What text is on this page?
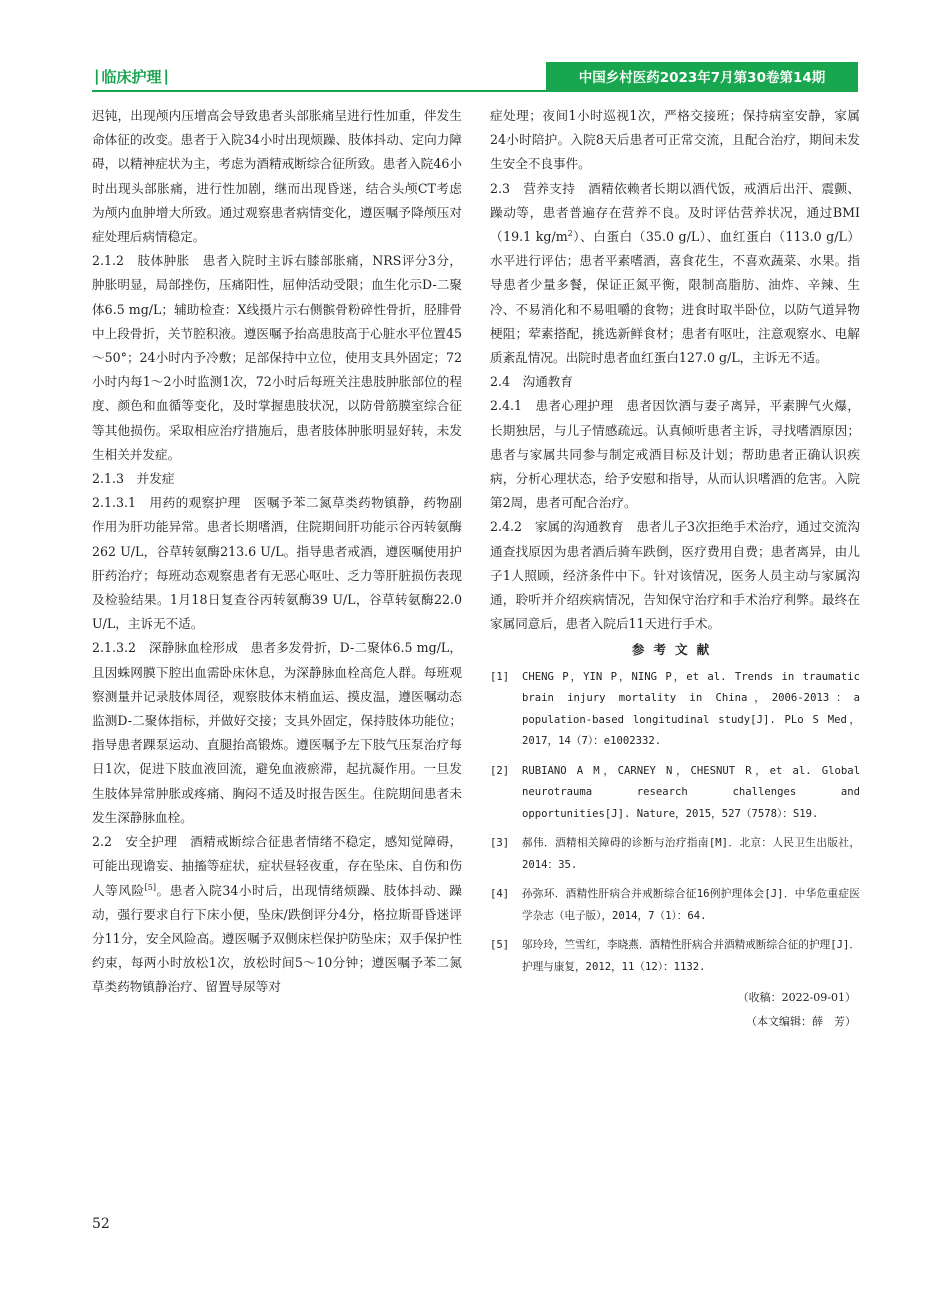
| 临床护理 |	中国乡村医药2023年7月第30卷第14期

迟钝，出现颅内压增高会导致患者头部胀痛呈进行性加重，伴发生命体征的改变。患者于入院34小时出现烦躁、肢体抖动、定向力障碍，以精神症状为主，考虑为酒精戒断综合征所致。患者入院46小时出现头部胀痛，进行性加剧，继而出现昏迷，结合头颅CT考虑为颅内血肿增大所致。通过观察患者病情变化，遵医嘱予降颅压对症处理后病情稳定。

2.1.2　肢体肿胀　患者入院时主诉右膝部胀痛，NRS评分3分，肿胀明显，局部挫伤，压痛阳性，屈伸活动受限；血生化示D-二聚体6.5 mg/L；辅助检查：X线摄片示右侧髌骨粉碎性骨折，胫腓骨中上段骨折，关节腔积液。遵医嘱予抬高患肢高于心脏水平位置45～50°；24小时内予冷敷；足部保持中立位，使用支具外固定；72小时内每1～2小时监测1次，72小时后每班关注患肢肿胀部位的程度、颜色和血循等变化，及时掌握患肢状况，以防骨筋膜室综合征等其他损伤。采取相应治疗措施后，患者肢体肿胀明显好转，未发生相关并发症。

2.1.3　并发症

2.1.3.1　用药的观察护理　医嘱予苯二氮草类药物镇静，药物副作用为肝功能异常。患者长期嗜酒，住院期间肝功能示谷丙转氨酶262 U/L，谷草转氨酶213.6 U/L。指导患者戒酒，遵医嘱使用护肝药治疗；每班动态观察患者有无恶心呕吐、乏力等肝脏损伤表现及检验结果。1月18日复查谷丙转氨酶39 U/L，谷草转氨酶22.0 U/L，主诉无不适。

2.1.3.2　深静脉血栓形成　患者多发骨折，D-二聚体6.5 mg/L，且因蛛网膜下腔出血需卧床休息，为深静脉血栓高危人群。每班观察测量并记录肢体周径，观察肢体末梢血运、摸皮温，遵医嘱动态监测D-二聚体指标，并做好交接；支具外固定，保持肢体功能位；指导患者踝泵运动、直腿抬高锻炼。遵医嘱予左下肢气压泵治疗每日1次，促进下肢血液回流，避免血液瘀滞，起抗凝作用。一旦发生肢体异常肿胀或疼痛、胸闷不适及时报告医生。住院期间患者未发生深静脉血栓。

2.2　安全护理　酒精戒断综合征患者情绪不稳定，感知觉障碍，可能出现谵妄、抽搐等症状，症状昼轻夜重，存在坠床、自伤和伤人等风险[5]。患者入院34小时后，出现情绪烦躁、肢体抖动、躁动，强行要求自行下床小便，坠床/跌倒评分4分，格拉斯哥昏迷评分11分，安全风险高。遵医嘱予双侧床栏保护防坠床；双手保护性约束，每两小时放松1次，放松时间5～10分钟；遵医嘱予苯二氮草类药物镇静治疗、留置导尿等对

症处理；夜间1小时巡视1次，严格交接班；保持病室安静，家属24小时陪护。入院8天后患者可正常交流，且配合治疗，期间未发生安全不良事件。

2.3　营养支持　酒精依赖者长期以酒代饭，戒酒后出汗、震颤、躁动等，患者普遍存在营养不良。及时评估营养状况，通过BMI（19.1 $kg/m^2$）、白蛋白（35.0 g/L）、血红蛋白（113.0 g/L）水平进行评估；患者平素嗜酒，喜食花生，不喜欢蔬菜、水果。指导患者少量多餐，保证正氮平衡，限制高脂肪、油炸、辛辣、生冷、不易消化和不易咀嚼的食物；进食时取半卧位，以防气道异物梗阻；荤素搭配，挑选新鲜食材；患者有呕吐，注意观察水、电解质紊乱情况。出院时患者血红蛋白127.0 g/L，主诉无不适。

2.4　沟通教育

2.4.1　患者心理护理　患者因饮酒与妻子离异，平素脾气火爆，长期独居，与儿子情感疏远。认真倾听患者主诉，寻找嗜酒原因；患者与家属共同参与制定戒酒目标及计划；帮助患者正确认识疾病，分析心理状态，给予安慰和指导，从而认识嗜酒的危害。入院第2周，患者可配合治疗。

2.4.2　家属的沟通教育　患者儿子3次拒绝手术治疗，通过交流沟通查找原因为患者酒后骑车跌倒，医疗费用自费；患者离异，由儿子1人照顾，经济条件中下。针对该情况，医务人员主动与家属沟通，聆听并介绍疾病情况，告知保守治疗和手术治疗利弊。最终在家属同意后，患者入院后11天进行手术。

参考文献
[1]	CHENG P，YIN P，NING P，et al. Trends in traumatic brain injury mortality in China，2006-2013：a population-based longitudinal study[J]. PLo S Med，2017，14（7）：e1002332.
[2]	RUBIANO A M，CARNEY N，CHESNUT R，et al. Global neurotrauma research challenges and opportunities[J]. Nature，2015，527（7578）：S19.
[3]	郝伟．酒精相关障碍的诊断与治疗指南[M]．北京：人民卫生出版社，2014：35.
[4]	孙弥环．酒精性肝病合并戒断综合征16例护理体会[J]．中华危重症医学杂志（电子版），2014，7（1）：64.
[5]	邬玲玲，竺雪红，李晓燕．酒精性肝病合并酒精戒断综合征的护理[J]．护理与康复，2012，11（12）：1132.
（收稿：2022-09-01）
（本文编辑：薛　芳）
52
